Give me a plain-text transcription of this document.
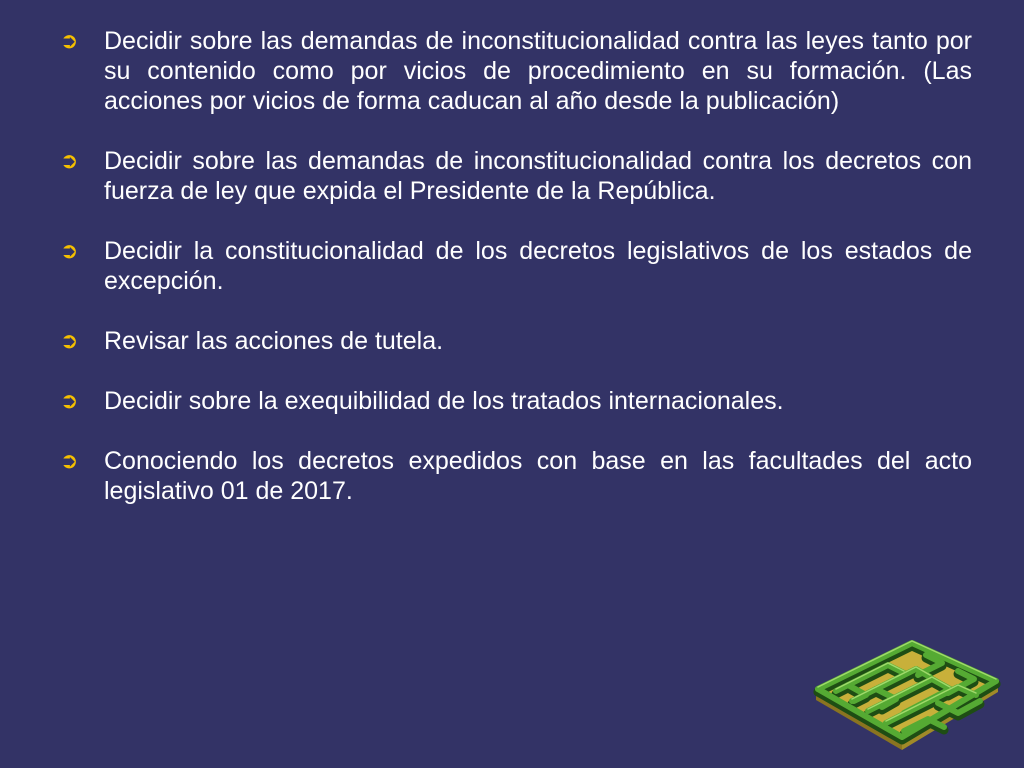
➲ Decidir sobre las demandas de inconstitucionalidad contra las leyes tanto por su contenido como por vicios de procedimiento en su formación. (Las acciones por vicios de forma caducan al año desde la publicación)
➲ Decidir sobre las demandas de inconstitucionalidad contra los decretos con fuerza de ley que expida el Presidente de la República.
➲ Decidir la constitucionalidad de los decretos legislativos de los estados de excepción.
➲ Revisar las acciones de tutela.
➲ Decidir sobre la exequibilidad de los tratados internacionales.
➲ Conociendo los decretos expedidos con base en las facultades del acto legislativo 01 de 2017.
